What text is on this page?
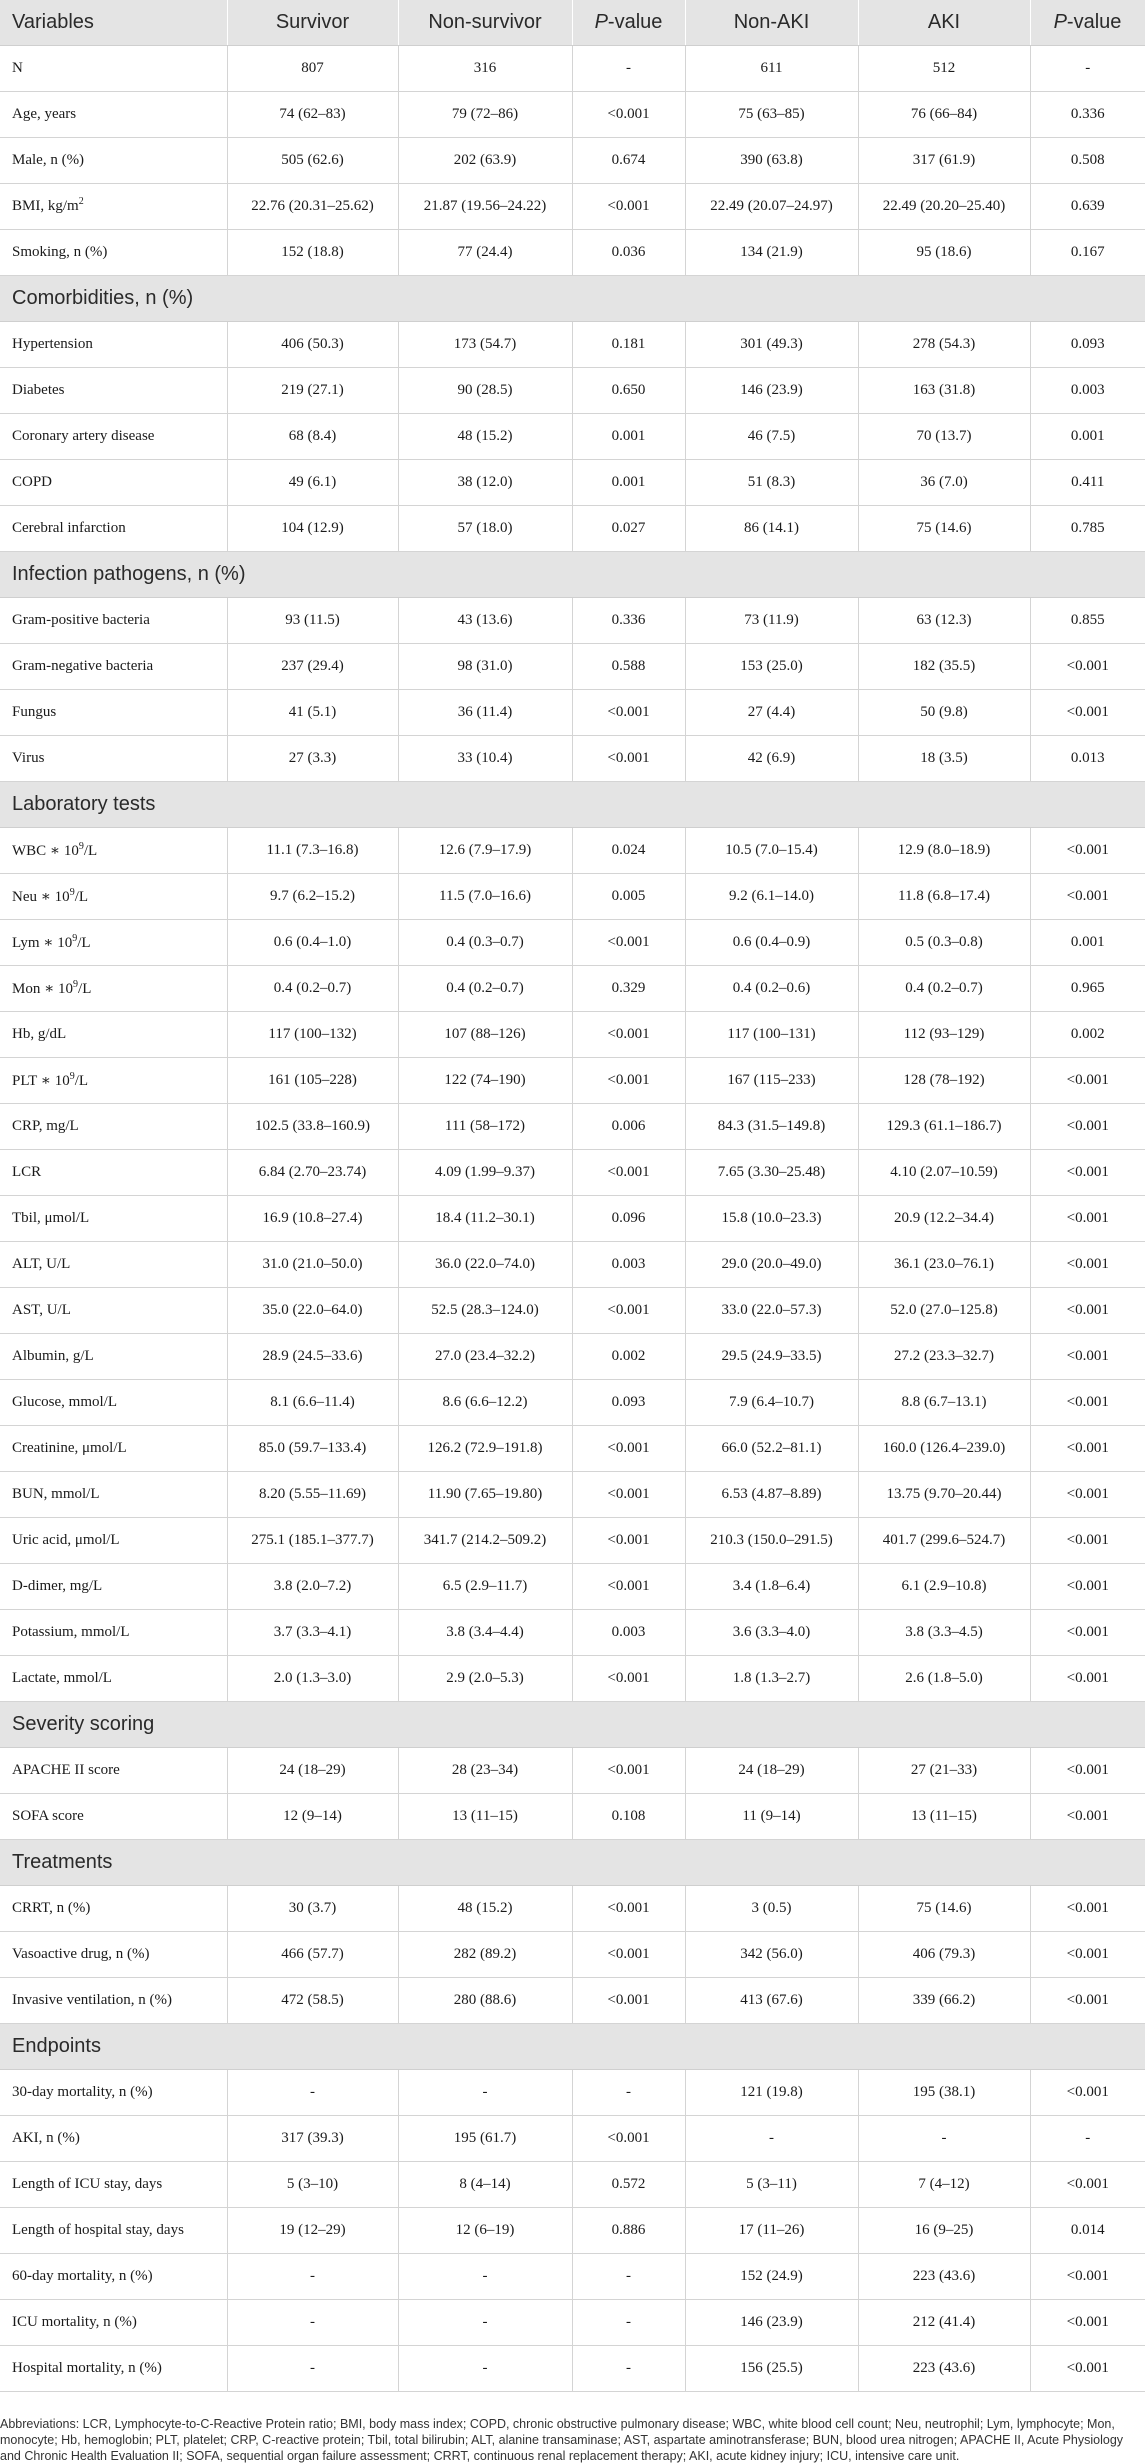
Variables	Survivor	Non-survivor	P-value	Non-AKI	AKI	P-value
N	807	316	-	611	512	-
Age, years	74 (62–83)	79 (72–86)	<0.001	75 (63–85)	76 (66–84)	0.336
Male, n (%)	505 (62.6)	202 (63.9)	0.674	390 (63.8)	317 (61.9)	0.508
BMI, $kg/m^2$	22.76 (20.31–25.62)	21.87 (19.56–24.22)	<0.001	22.49 (20.07–24.97)	22.49 (20.20–25.40)	0.639
Smoking, n (%)	152 (18.8)	77 (24.4)	0.036	134 (21.9)	95 (18.6)	0.167
Comorbidities, n (%)						
Hypertension	406 (50.3)	173 (54.7)	0.181	301 (49.3)	278 (54.3)	0.093
Diabetes	219 (27.1)	90 (28.5)	0.650	146 (23.9)	163 (31.8)	0.003
Coronary artery disease	68 (8.4)	48 (15.2)	0.001	46 (7.5)	70 (13.7)	0.001
COPD	49 (6.1)	38 (12.0)	0.001	51 (8.3)	36 (7.0)	0.411
Cerebral infarction	104 (12.9)	57 (18.0)	0.027	86 (14.1)	75 (14.6)	0.785
Infection pathogens, n (%)						
Gram-positive bacteria	93 (11.5)	43 (13.6)	0.336	73 (11.9)	63 (12.3)	0.855
Gram-negative bacteria	237 (29.4)	98 (31.0)	0.588	153 (25.0)	182 (35.5)	<0.001
Fungus	41 (5.1)	36 (11.4)	<0.001	27 (4.4)	50 (9.8)	<0.001
Virus	27 (3.3)	33 (10.4)	<0.001	42 (6.9)	18 (3.5)	0.013
Laboratory tests						
WBC ∗ $10^9/L$	11.1 (7.3–16.8)	12.6 (7.9–17.9)	0.024	10.5 (7.0–15.4)	12.9 (8.0–18.9)	<0.001
Neu ∗ $10^9/L$	9.7 (6.2–15.2)	11.5 (7.0–16.6)	0.005	9.2 (6.1–14.0)	11.8 (6.8–17.4)	<0.001
Lym ∗ $10^9/L$	0.6 (0.4–1.0)	0.4 (0.3–0.7)	<0.001	0.6 (0.4–0.9)	0.5 (0.3–0.8)	0.001
Mon ∗ $10^9/L$	0.4 (0.2–0.7)	0.4 (0.2–0.7)	0.329	0.4 (0.2–0.6)	0.4 (0.2–0.7)	0.965
Hb, g/dL	117 (100–132)	107 (88–126)	<0.001	117 (100–131)	112 (93–129)	0.002
PLT ∗ $10^9/L$	161 (105–228)	122 (74–190)	<0.001	167 (115–233)	128 (78–192)	<0.001
CRP, mg/L	102.5 (33.8–160.9)	111 (58–172)	0.006	84.3 (31.5–149.8)	129.3 (61.1–186.7)	<0.001
LCR	6.84 (2.70–23.74)	4.09 (1.99–9.37)	<0.001	7.65 (3.30–25.48)	4.10 (2.07–10.59)	<0.001
Tbil, μmol/L	16.9 (10.8–27.4)	18.4 (11.2–30.1)	0.096	15.8 (10.0–23.3)	20.9 (12.2–34.4)	<0.001
ALT, U/L	31.0 (21.0–50.0)	36.0 (22.0–74.0)	0.003	29.0 (20.0–49.0)	36.1 (23.0–76.1)	<0.001
AST, U/L	35.0 (22.0–64.0)	52.5 (28.3–124.0)	<0.001	33.0 (22.0–57.3)	52.0 (27.0–125.8)	<0.001
Albumin, g/L	28.9 (24.5–33.6)	27.0 (23.4–32.2)	0.002	29.5 (24.9–33.5)	27.2 (23.3–32.7)	<0.001
Glucose, mmol/L	8.1 (6.6–11.4)	8.6 (6.6–12.2)	0.093	7.9 (6.4–10.7)	8.8 (6.7–13.1)	<0.001
Creatinine, μmol/L	85.0 (59.7–133.4)	126.2 (72.9–191.8)	<0.001	66.0 (52.2–81.1)	160.0 (126.4–239.0)	<0.001
BUN, mmol/L	8.20 (5.55–11.69)	11.90 (7.65–19.80)	<0.001	6.53 (4.87–8.89)	13.75 (9.70–20.44)	<0.001
Uric acid, μmol/L	275.1 (185.1–377.7)	341.7 (214.2–509.2)	<0.001	210.3 (150.0–291.5)	401.7 (299.6–524.7)	<0.001
D-dimer, mg/L	3.8 (2.0–7.2)	6.5 (2.9–11.7)	<0.001	3.4 (1.8–6.4)	6.1 (2.9–10.8)	<0.001
Potassium, mmol/L	3.7 (3.3–4.1)	3.8 (3.4–4.4)	0.003	3.6 (3.3–4.0)	3.8 (3.3–4.5)	<0.001
Lactate, mmol/L	2.0 (1.3–3.0)	2.9 (2.0–5.3)	<0.001	1.8 (1.3–2.7)	2.6 (1.8–5.0)	<0.001
Severity scoring						
APACHE II score	24 (18–29)	28 (23–34)	<0.001	24 (18–29)	27 (21–33)	<0.001
SOFA score	12 (9–14)	13 (11–15)	0.108	11 (9–14)	13 (11–15)	<0.001
Treatments						
CRRT, n (%)	30 (3.7)	48 (15.2)	<0.001	3 (0.5)	75 (14.6)	<0.001
Vasoactive drug, n (%)	466 (57.7)	282 (89.2)	<0.001	342 (56.0)	406 (79.3)	<0.001
Invasive ventilation, n (%)	472 (58.5)	280 (88.6)	<0.001	413 (67.6)	339 (66.2)	<0.001
Endpoints						
30-day mortality, n (%)	-	-	-	121 (19.8)	195 (38.1)	<0.001
AKI, n (%)	317 (39.3)	195 (61.7)	<0.001	-	-	-
Length of ICU stay, days	5 (3–10)	8 (4–14)	0.572	5 (3–11)	7 (4–12)	<0.001
Length of hospital stay, days	19 (12–29)	12 (6–19)	0.886	17 (11–26)	16 (9–25)	0.014
60-day mortality, n (%)	-	-	-	152 (24.9)	223 (43.6)	<0.001
ICU mortality, n (%)	-	-	-	146 (23.9)	212 (41.4)	<0.001
Hospital mortality, n (%)	-	-	-	156 (25.5)	223 (43.6)	<0.001

Abbreviations: LCR, Lymphocyte-to-C-Reactive Protein ratio; BMI, body mass index; COPD, chronic obstructive pulmonary disease; WBC, white blood cell count; Neu, neutrophil; Lym, lymphocyte; Mon, monocyte; Hb, hemoglobin; PLT, platelet; CRP, C-reactive protein; Tbil, total bilirubin; ALT, alanine transaminase; AST, aspartate aminotransferase; BUN, blood urea nitrogen; APACHE II, Acute Physiology and Chronic Health Evaluation II; SOFA, sequential organ failure assessment; CRRT, continuous renal replacement therapy; AKI, acute kidney injury; ICU, intensive care unit.
